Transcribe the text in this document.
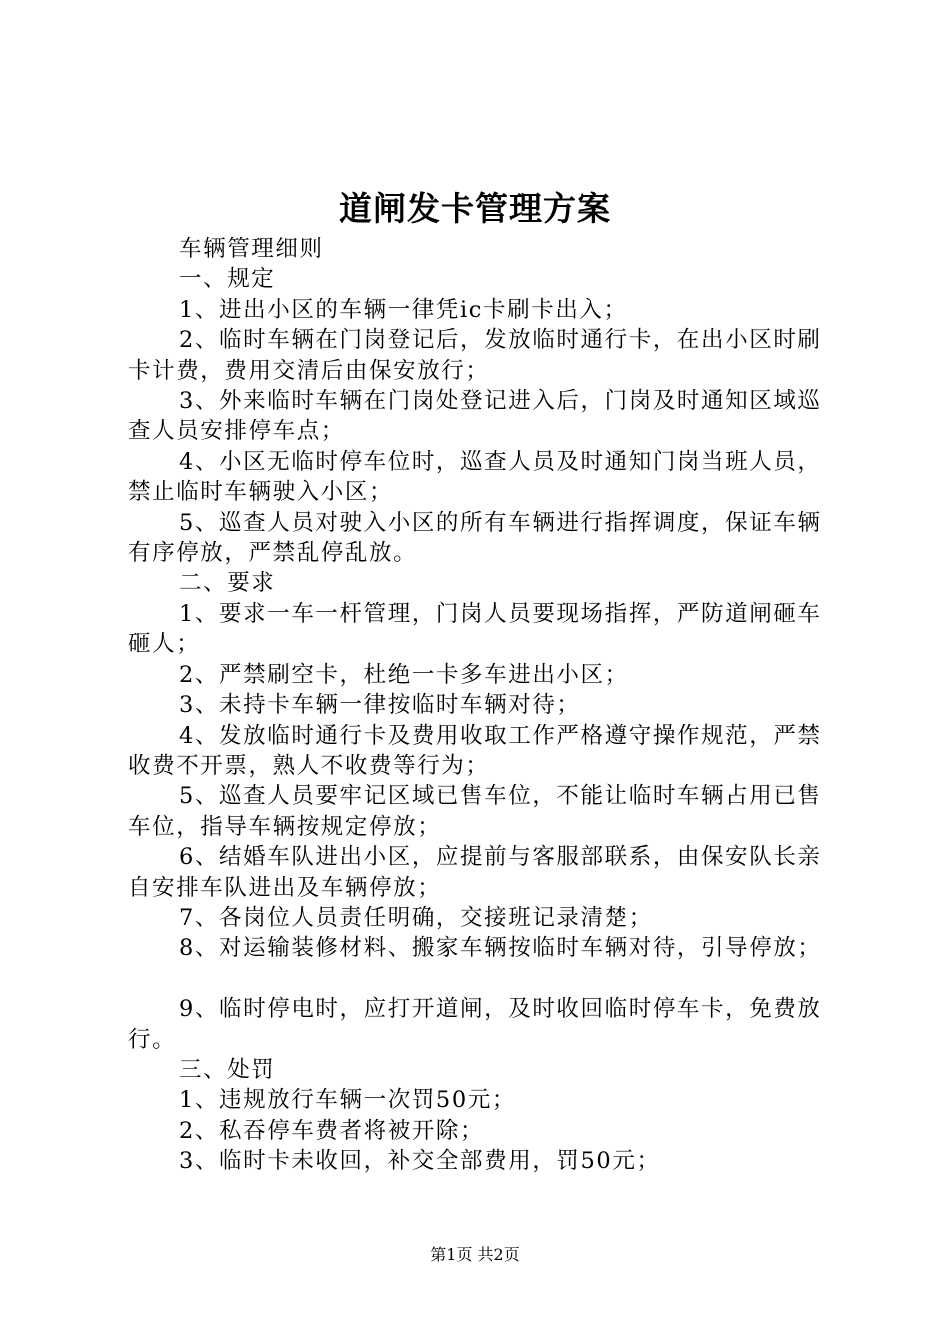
道闸发卡管理方案

车辆管理细则

一、规定

1、进出小区的车辆一律凭ic卡刷卡出入；

2、临时车辆在门岗登记后，发放临时通行卡，在出小区时刷卡计费，费用交清后由保安放行；

3、外来临时车辆在门岗处登记进入后，门岗及时通知区域巡查人员安排停车点；

4、小区无临时停车位时，巡查人员及时通知门岗当班人员，禁止临时车辆驶入小区；

5、巡查人员对驶入小区的所有车辆进行指挥调度，保证车辆有序停放，严禁乱停乱放。

二、要求

1、要求一车一杆管理，门岗人员要现场指挥，严防道闸砸车砸人；

2、严禁刷空卡，杜绝一卡多车进出小区；

3、未持卡车辆一律按临时车辆对待；

4、发放临时通行卡及费用收取工作严格遵守操作规范，严禁收费不开票，熟人不收费等行为；

5、巡查人员要牢记区域已售车位，不能让临时车辆占用已售车位，指导车辆按规定停放；

6、结婚车队进出小区，应提前与客服部联系，由保安队长亲自安排车队进出及车辆停放；

7、各岗位人员责任明确，交接班记录清楚；

8、对运输装修材料、搬家车辆按临时车辆对待，引导停放；

9、临时停电时，应打开道闸，及时收回临时停车卡，免费放行。

三、处罚

1、违规放行车辆一次罚50元；

2、私吞停车费者将被开除；

3、临时卡未收回，补交全部费用，罚50元；

第1页 共2页
